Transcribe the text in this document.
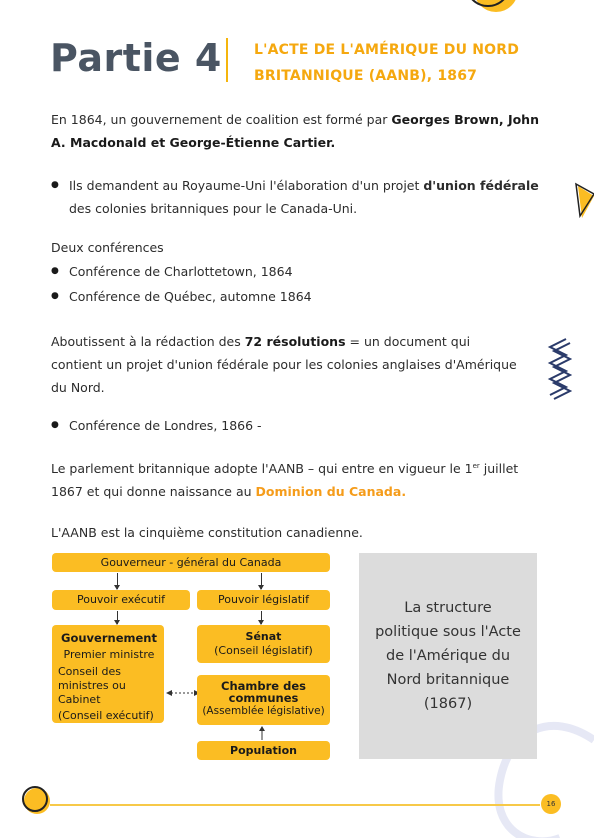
Partie 4 L'ACTE DE L'AMÉRIQUE DU NORD
BRITANNIQUE (AANB), 1867
En 1864, un gouvernement de coalition est formé par Georges Brown, John A. Macdonald et George-Étienne Cartier.
● Ils demandent au Royaume-Uni l'élaboration d'un projet d'union fédérale des colonies britanniques pour le Canada-Uni.
Deux conférences
● Conférence de Charlottetown, 1864
● Conférence de Québec, automne 1864
Aboutissent à la rédaction des 72 résolutions = un document qui contient un projet d'union fédérale pour les colonies anglaises d'Amérique du Nord.
● Conférence de Londres, 1866 -
Le parlement britannique adopte l'AANB – qui entre en vigueur le 1er juillet 1867 et qui donne naissance au Dominion du Canada.
L'AANB est la cinquième constitution canadienne.
Gouverneur - général du Canada
Pouvoir exécutif	Pouvoir législatif
Gouvernement
Premier ministre
Conseil des ministres ou Cabinet
(Conseil exécutif)
Sénat
(Conseil législatif)
Chambre des communes
(Assemblée législative)
Population
La structure politique sous l'Acte de l'Amérique du Nord britannique (1867)
16
